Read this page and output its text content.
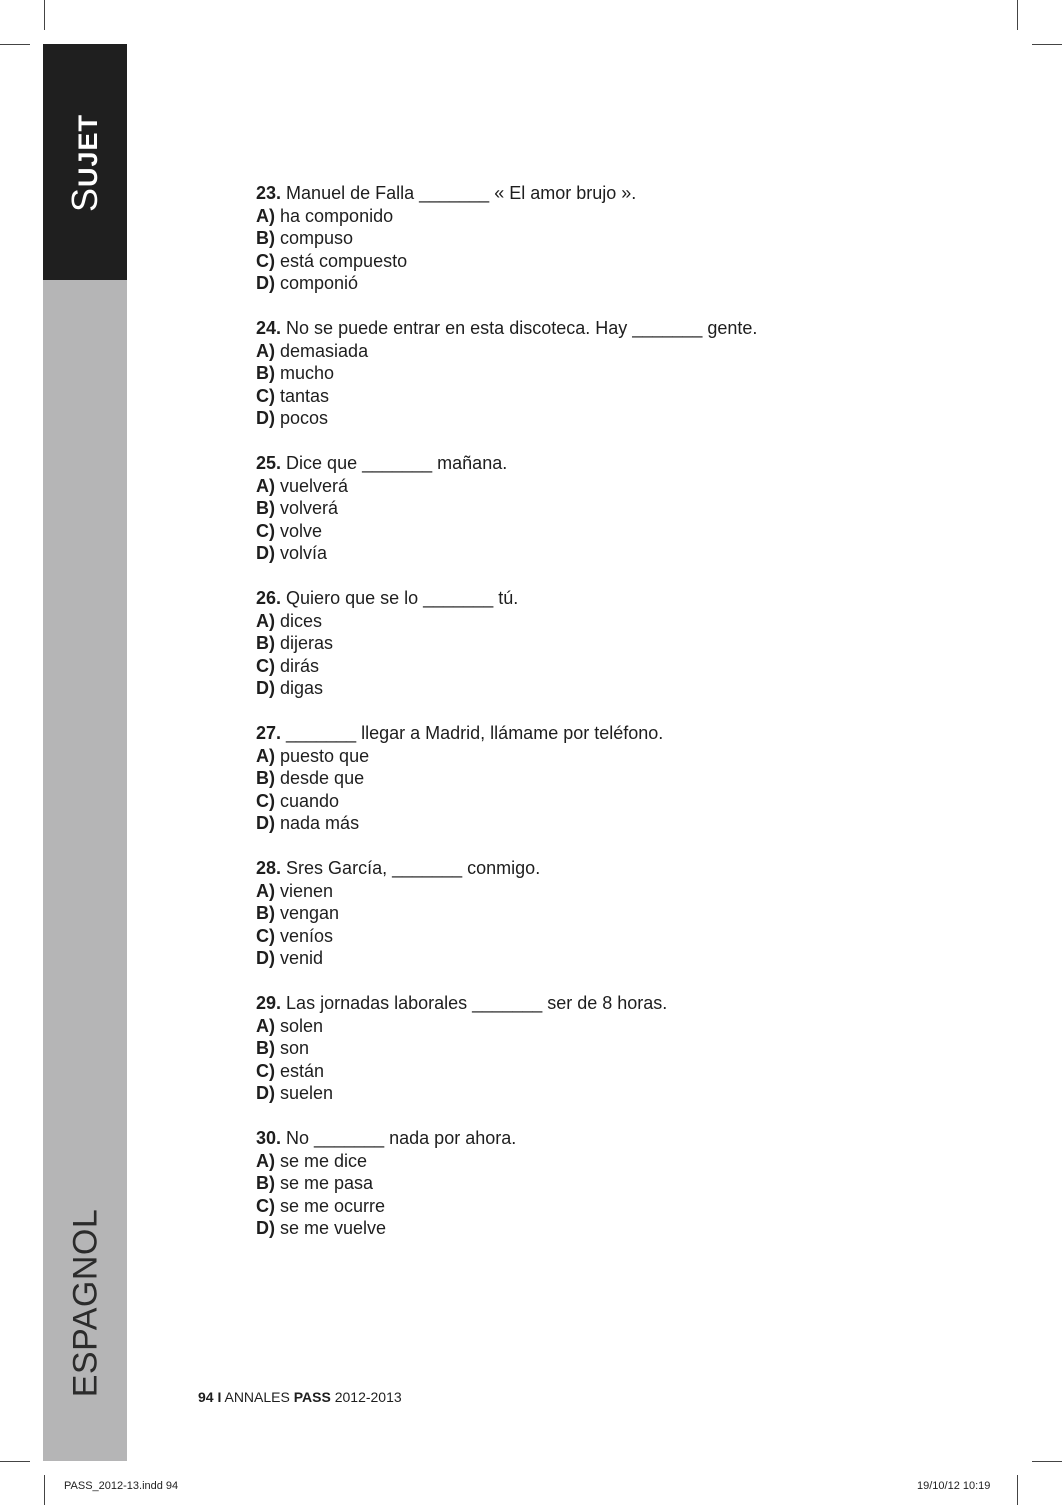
SUJET
ESPAGNOL
23. Manuel de Falla _______ « El amor brujo ».
A) ha componido
B) compuso
C) está compuesto
D) componió
24. No se puede entrar en esta discoteca. Hay _______ gente.
A) demasiada
B) mucho
C) tantas
D) pocos
25. Dice que _______ mañana.
A) vuelverá
B) volverá
C) volve
D) volvía
26. Quiero que se lo _______ tú.
A) dices
B) dijeras
C) dirás
D) digas
27. _______ llegar a Madrid, llámame por teléfono.
A) puesto que
B) desde que
C) cuando
D) nada más
28. Sres García, _______ conmigo.
A) vienen
B) vengan
C) veníos
D) venid
29. Las jornadas laborales _______ ser de 8 horas.
A) solen
B) son
C) están
D) suelen
30. No _______ nada por ahora.
A) se me dice
B) se me pasa
C) se me ocurre
D) se me vuelve
94 I ANNALES PASS 2012-2013
PASS_2012-13.indd 94	19/10/12 10:19
